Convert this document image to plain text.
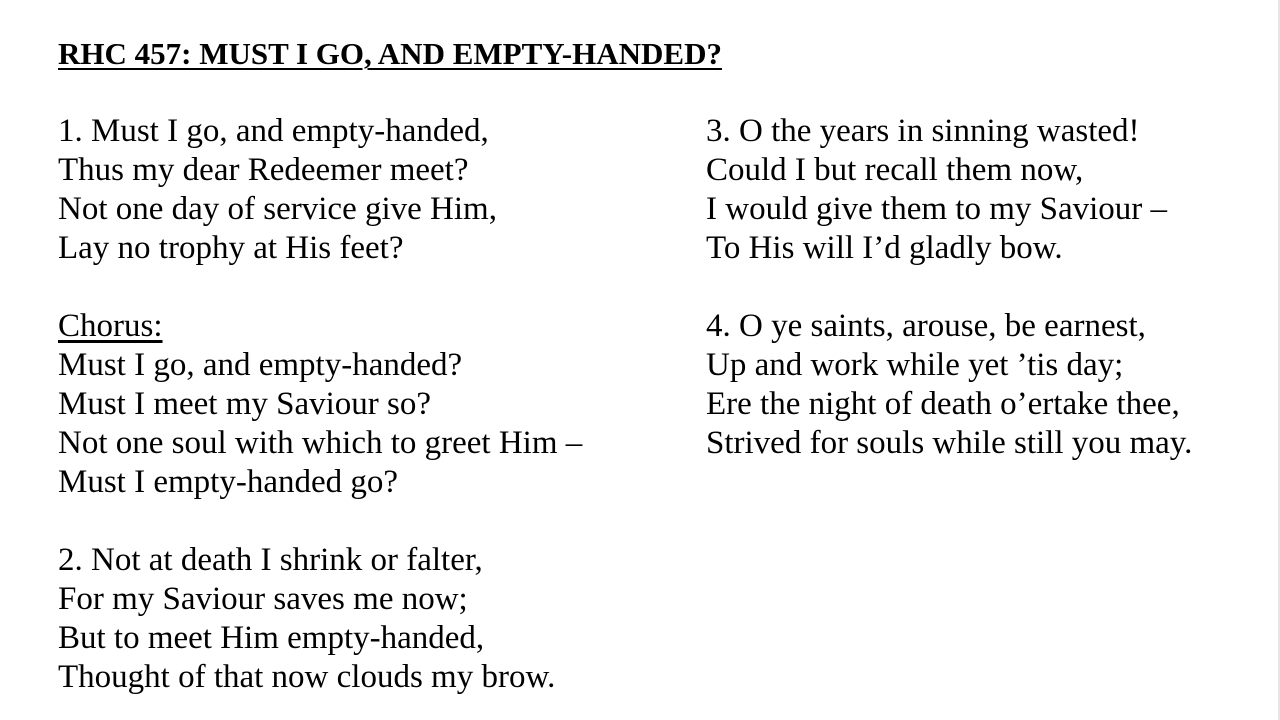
RHC 457: MUST I GO, AND EMPTY-HANDED?
1. Must I go, and empty-handed,
Thus my dear Redeemer meet?
Not one day of service give Him,
Lay no trophy at His feet?
Chorus:
Must I go, and empty-handed?
Must I meet my Saviour so?
Not one soul with which to greet Him –
Must I empty-handed go?
2. Not at death I shrink or falter,
For my Saviour saves me now;
But to meet Him empty-handed,
Thought of that now clouds my brow.
3. O the years in sinning wasted!
Could I but recall them now,
I would give them to my Saviour –
To His will I’d gladly bow.
4. O ye saints, arouse, be earnest,
Up and work while yet ’tis day;
Ere the night of death o’ertake thee,
Strived for souls while still you may.
